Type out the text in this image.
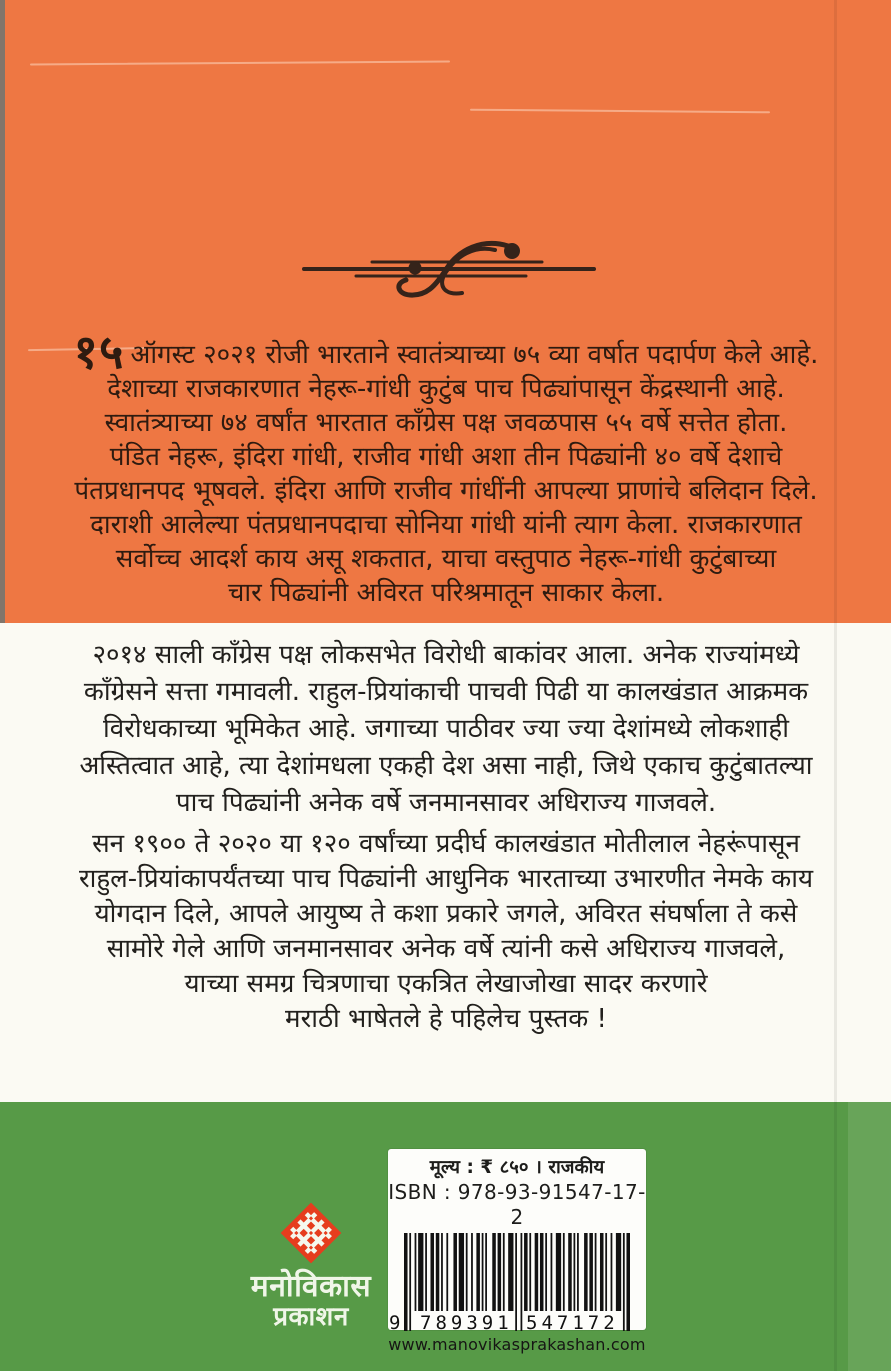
१५ ऑगस्ट २०२१ रोजी भारताने स्वातंत्र्याच्या ७५ व्या वर्षात पदार्पण केले आहे.
देशाच्या राजकारणात नेहरू-गांधी कुटुंब पाच पिढ्यांपासून केंद्रस्थानी आहे.
स्वातंत्र्याच्या ७४ वर्षांत भारतात काँग्रेस पक्ष जवळपास ५५ वर्षे सत्तेत होता.
पंडित नेहरू, इंदिरा गांधी, राजीव गांधी अशा तीन पिढ्यांनी ४० वर्षे देशाचे
पंतप्रधानपद भूषवले. इंदिरा आणि राजीव गांधींनी आपल्या प्राणांचे बलिदान दिले.
दाराशी आलेल्या पंतप्रधानपदाचा सोनिया गांधी यांनी त्याग केला. राजकारणात
सर्वोच्च आदर्श काय असू शकतात, याचा वस्तुपाठ नेहरू-गांधी कुटुंबाच्या
चार पिढ्यांनी अविरत परिश्रमातून साकार केला.
२०१४ साली काँग्रेस पक्ष लोकसभेत विरोधी बाकांवर आला. अनेक राज्यांमध्ये
काँग्रेसने सत्ता गमावली. राहुल-प्रियांकाची पाचवी पिढी या कालखंडात आक्रमक
विरोधकाच्या भूमिकेत आहे. जगाच्या पाठीवर ज्या ज्या देशांमध्ये लोकशाही
अस्तित्वात आहे, त्या देशांमधला एकही देश असा नाही, जिथे एकाच कुटुंबातल्या
पाच पिढ्यांनी अनेक वर्षे जनमानसावर अधिराज्य गाजवले.
सन १९०० ते २०२० या १२० वर्षांच्या प्रदीर्घ कालखंडात मोतीलाल नेहरूंपासून
राहुल-प्रियांकापर्यंतच्या पाच पिढ्यांनी आधुनिक भारताच्या उभारणीत नेमके काय
योगदान दिले, आपले आयुष्य ते कशा प्रकारे जगले, अविरत संघर्षाला ते कसे
सामोरे गेले आणि जनमानसावर अनेक वर्षे त्यांनी कसे अधिराज्य गाजवले,
याच्या समग्र चित्रणाचा एकत्रित लेखाजोखा सादर करणारे
मराठी भाषेतले हे पहिलेच पुस्तक !
मनोविकास
प्रकाशन
मूल्य : ₹ ८५० । राजकीय
ISBN : 978-93-91547-17-2
9 789391 547172
www.manovikasprakashan.com
